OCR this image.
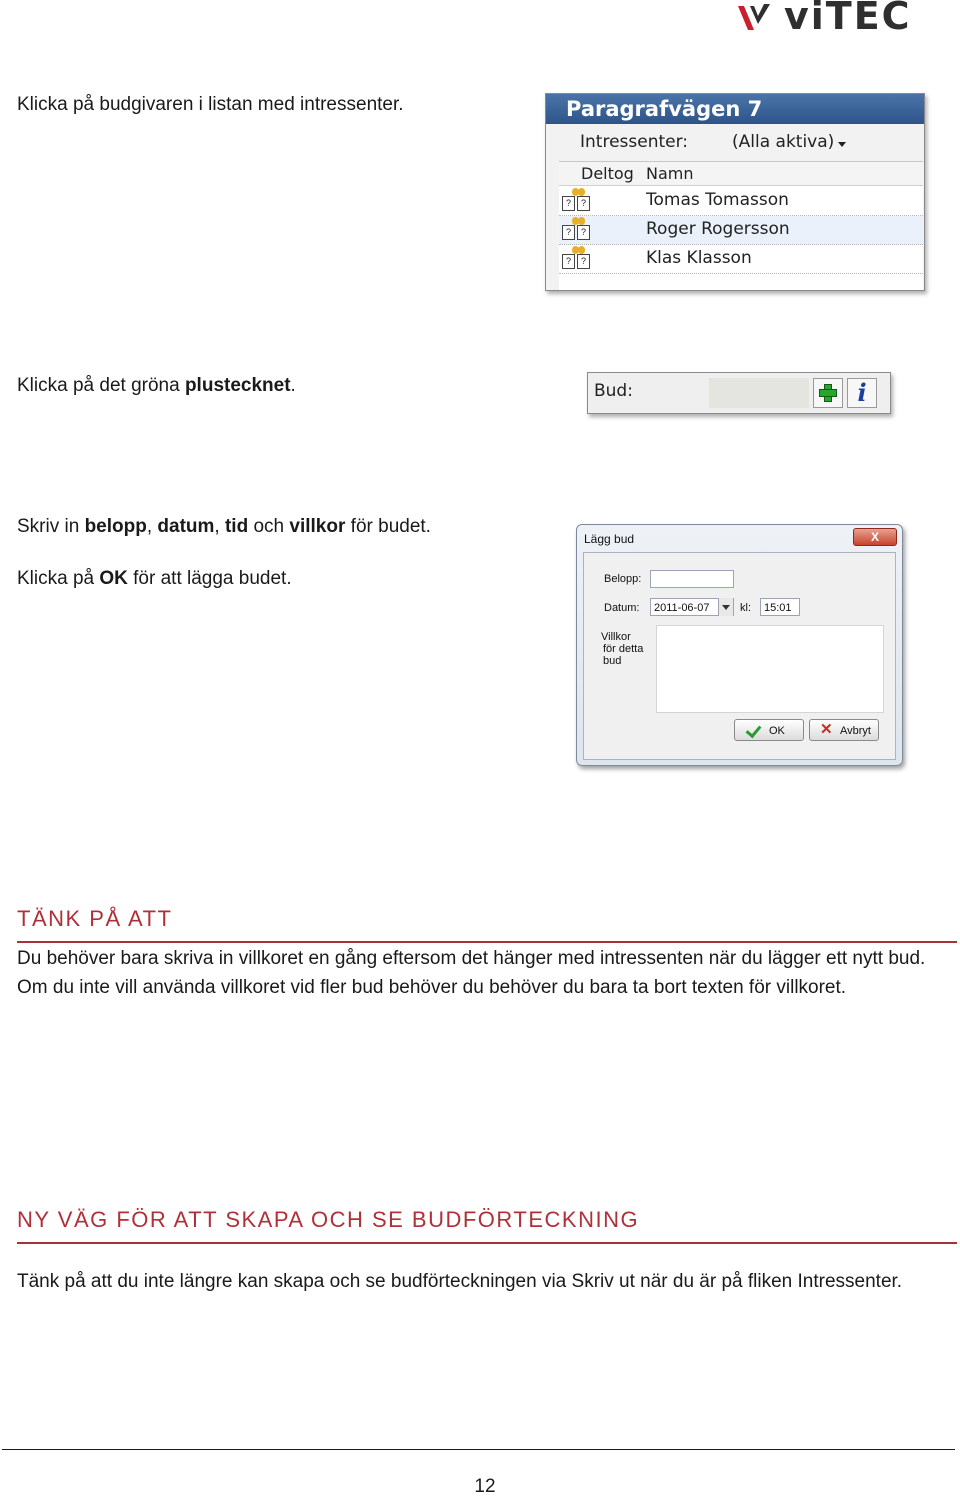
viTEC
Klicka på budgivaren i listan med intressenter.	Paragrafvägen 7
Intressenter:	(Alla aktiva)
Deltog Namn
?	?	Tomas Tomasson
?	?	Roger Rogersson
?	?	Klas Klasson
Klicka på det gröna plustecknet.	Bud:	i
Skriv in belopp, datum, tid och villkor för budet.
Klicka på OK för att lägga budet.
Lägg bud	X
Belopp:
Datum:	2011-06-07	kl:	15:01
Villkor
för detta
bud
OK ✕ Avbryt
TÄNK PÅ ATT
Du behöver bara skriva in villkoret en gång eftersom det hänger med intressenten när du lägger ett nytt bud. Om du inte vill använda villkoret vid fler bud behöver du behöver du bara ta bort texten för villkoret.
NY VÄG FÖR ATT SKAPA OCH SE BUDFÖRTECKNING
Tänk på att du inte längre kan skapa och se budförteckningen via Skriv ut när du är på fliken Intressenter.
12
